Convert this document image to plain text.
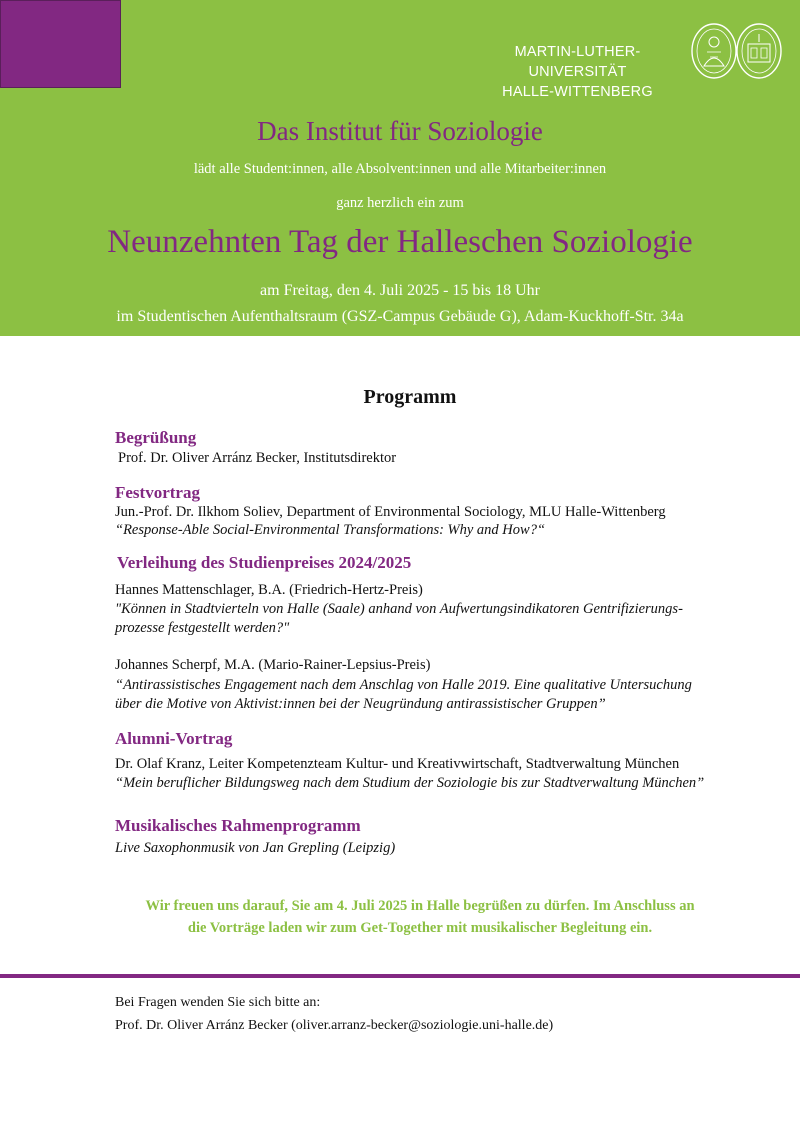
MARTIN-LUTHER-UNIVERSITÄT
HALLE-WITTENBERG
Das Institut für Soziologie
lädt alle Student:innen, alle Absolvent:innen und alle Mitarbeiter:innen
ganz herzlich ein zum
Neunzehnten Tag der Halleschen Soziologie
am Freitag, den 4. Juli 2025 - 15 bis 18 Uhr
im Studentischen Aufenthaltsraum (GSZ-Campus Gebäude G), Adam-Kuckhoff-Str. 34a
Programm
Begrüßung
Prof. Dr. Oliver Arránz Becker, Institutsdirektor
Festvortrag
Jun.-Prof. Dr. Ilkhom Soliev, Department of Environmental Sociology, MLU Halle-Wittenberg
“Response-Able Social-Environmental Transformations: Why and How?“
Verleihung des Studienpreises 2024/2025
Hannes Mattenschlager, B.A. (Friedrich-Hertz-Preis)
"Können in Stadtvierteln von Halle (Saale) anhand von Aufwertungsindikatoren Gentrifizierungs-
prozesse festgestellt werden?"
Johannes Scherpf, M.A. (Mario-Rainer-Lepsius-Preis)
“Antirassistisches Engagement nach dem Anschlag von Halle 2019. Eine qualitative Untersuchung
über die Motive von Aktivist:innen bei der Neugründung antirassistischer Gruppen”
Alumni-Vortrag
Dr. Olaf Kranz, Leiter Kompetenzteam Kultur- und Kreativwirtschaft, Stadtverwaltung München
“Mein beruflicher Bildungsweg nach dem Studium der Soziologie bis zur Stadtverwaltung München”
Musikalisches Rahmenprogramm
Live Saxophonmusik von Jan Grepling (Leipzig)
Wir freuen uns darauf, Sie am 4. Juli 2025 in Halle begrüßen zu dürfen. Im Anschluss an
die Vorträge laden wir zum Get-Together mit musikalischer Begleitung ein.
Bei Fragen wenden Sie sich bitte an:
Prof. Dr. Oliver Arránz Becker (oliver.arranz-becker@soziologie.uni-halle.de)
